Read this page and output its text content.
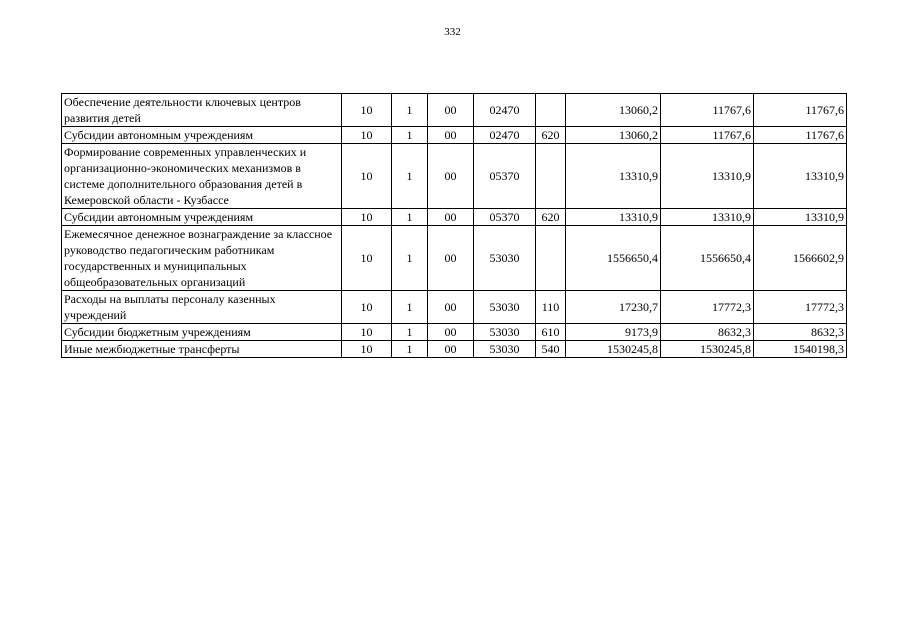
332
Обеспечение деятельности ключевых центров развития детей	10	1	00	02470		13060,2	11767,6	11767,6
Субсидии автономным учреждениям	10	1	00	02470	620	13060,2	11767,6	11767,6
Формирование современных управленческих и организационно-экономических механизмов в системе дополнительного образования детей в Кемеровской области - Кузбассе	10	1	00	05370		13310,9	13310,9	13310,9
Субсидии автономным учреждениям	10	1	00	05370	620	13310,9	13310,9	13310,9
Ежемесячное денежное вознаграждение за классное руководство педагогическим работникам государственных и муниципальных общеобразовательных организаций	10	1	00	53030		1556650,4	1556650,4	1566602,9
Расходы на выплаты персоналу казенных учреждений	10	1	00	53030	110	17230,7	17772,3	17772,3
Субсидии бюджетным учреждениям	10	1	00	53030	610	9173,9	8632,3	8632,3
Иные межбюджетные трансферты	10	1	00	53030	540	1530245,8	1530245,8	1540198,3
